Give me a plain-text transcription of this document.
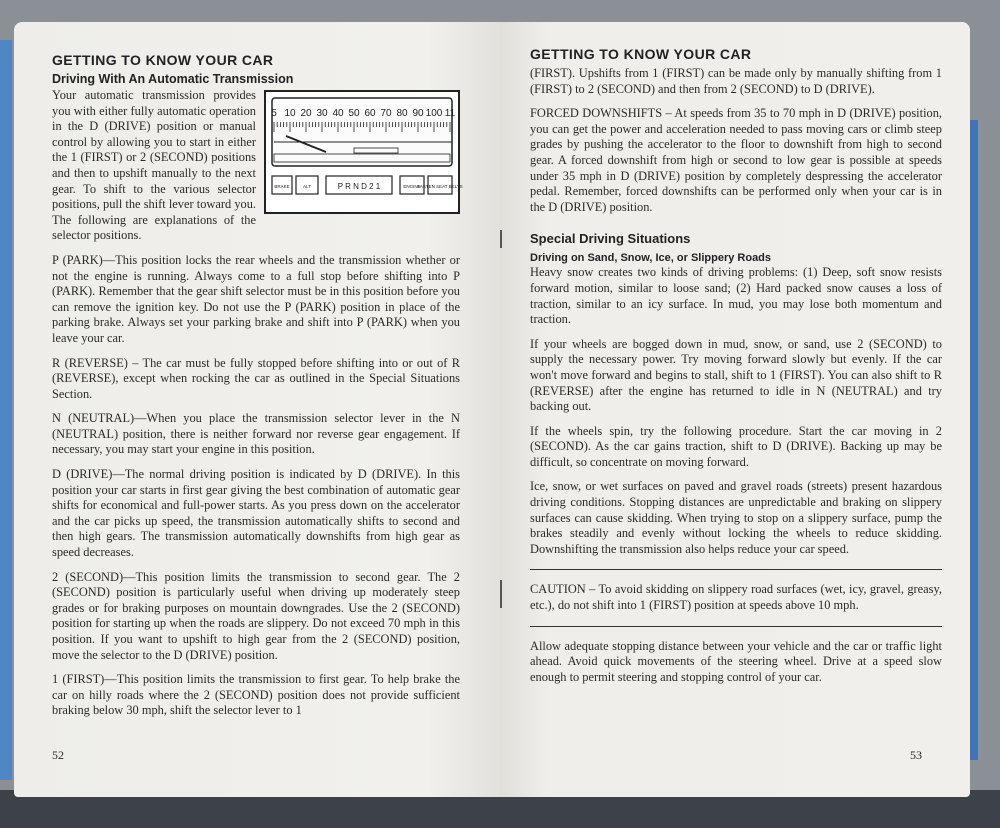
GETTING TO KNOW YOUR CAR
Driving With An Automatic Transmission
5 10 20 30 40 50 60 70 80 90 100 11
BRAKE	ALT	P R N D 2 1	ENGINE
FASTEN SEAT BELTS

Your automatic transmission provides you with either fully automatic operation in the D (DRIVE) position or manual control by allowing you to start in either the 1 (FIRST) or 2 (SECOND) positions and then to upshift manually to the next gear. To shift to the various selector positions, pull the shift lever toward you. The following are explanations of the selector positions.

P (PARK)—This position locks the rear wheels and the transmission whether or not the engine is running. Always come to a full stop before shifting into P (PARK). Remember that the gear shift selector must be in this position before you can remove the ignition key. Do not use the P (PARK) position in place of the parking brake. Always set your parking brake and shift into P (PARK) when you leave your car.

R (REVERSE) – The car must be fully stopped before shifting into or out of R (REVERSE), except when rocking the car as outlined in the Special Situations Section.

N (NEUTRAL)—When you place the transmission selector lever in the N (NEUTRAL) position, there is neither forward nor reverse gear engagement. If necessary, you may start your engine in this position.

D (DRIVE)—The normal driving position is indicated by D (DRIVE). In this position your car starts in first gear giving the best combination of automatic gear shifts for economical and full-power starts. As you press down on the accelerator and the car picks up speed, the transmission automatically shifts to second and then high gears. The transmission automatically downshifts from high gear as speed decreases.

2 (SECOND)—This position limits the transmission to second gear. The 2 (SECOND) position is particularly useful when driving up moderately steep grades or for braking purposes on mountain downgrades. Use the 2 (SECOND) position for starting up when the roads are slippery. Do not exceed 70 mph in this position. If you want to upshift to high gear from the 2 (SECOND) position, move the selector to the D (DRIVE) position.

1 (FIRST)—This position limits the transmission to first gear. To help brake the car on hilly roads where the 2 (SECOND) position does not provide sufficient braking below 30 mph, shift the selector lever to 1

52
GETTING TO KNOW YOUR CAR

(FIRST). Upshifts from 1 (FIRST) can be made only by manually shifting from 1 (FIRST) to 2 (SECOND) and then from 2 (SECOND) to D (DRIVE).

FORCED DOWNSHIFTS – At speeds from 35 to 70 mph in D (DRIVE) position, you can get the power and acceleration needed to pass moving cars or climb steep grades by pushing the accelerator to the floor to downshift from high to second gear. A forced downshift from high or second to low gear is possible at speeds under 35 mph in D (DRIVE) position by completely despressing the accelerator pedal. Remember, forced downshifts can be performed only when your car is in the D (DRIVE) position.

Special Driving Situations
Driving on Sand, Snow, Ice, or Slippery Roads

Heavy snow creates two kinds of driving problems: (1) Deep, soft snow resists forward motion, similar to loose sand; (2) Hard packed snow causes a loss of traction, similar to an icy surface. In mud, you may lose both momentum and traction.

If your wheels are bogged down in mud, snow, or sand, use 2 (SECOND) to supply the necessary power. Try moving forward slowly but evenly. If the car won't move forward and begins to stall, shift to 1 (FIRST). You can also shift to R (REVERSE) after the engine has returned to idle in N (NEUTRAL) and try backing out.

If the wheels spin, try the following procedure. Start the car moving in 2 (SECOND). As the car gains traction, shift to D (DRIVE). Backing up may be difficult, so concentrate on moving forward.

Ice, snow, or wet surfaces on paved and gravel roads (streets) present hazardous driving conditions. Stopping distances are unpredictable and braking on slippery surfaces can cause skidding. When trying to stop on a slippery surface, pump the brakes steadily and evenly without locking the wheels to reduce skidding. Downshifting the transmission also helps reduce your car speed.

CAUTION – To avoid skidding on slippery road surfaces (wet, icy, gravel, greasy, etc.), do not shift into 1 (FIRST) position at speeds above 10 mph.

Allow adequate stopping distance between your vehicle and the car or traffic light ahead. Avoid quick movements of the steering wheel. Drive at a speed slow enough to permit steering and stopping control of your car.

53
